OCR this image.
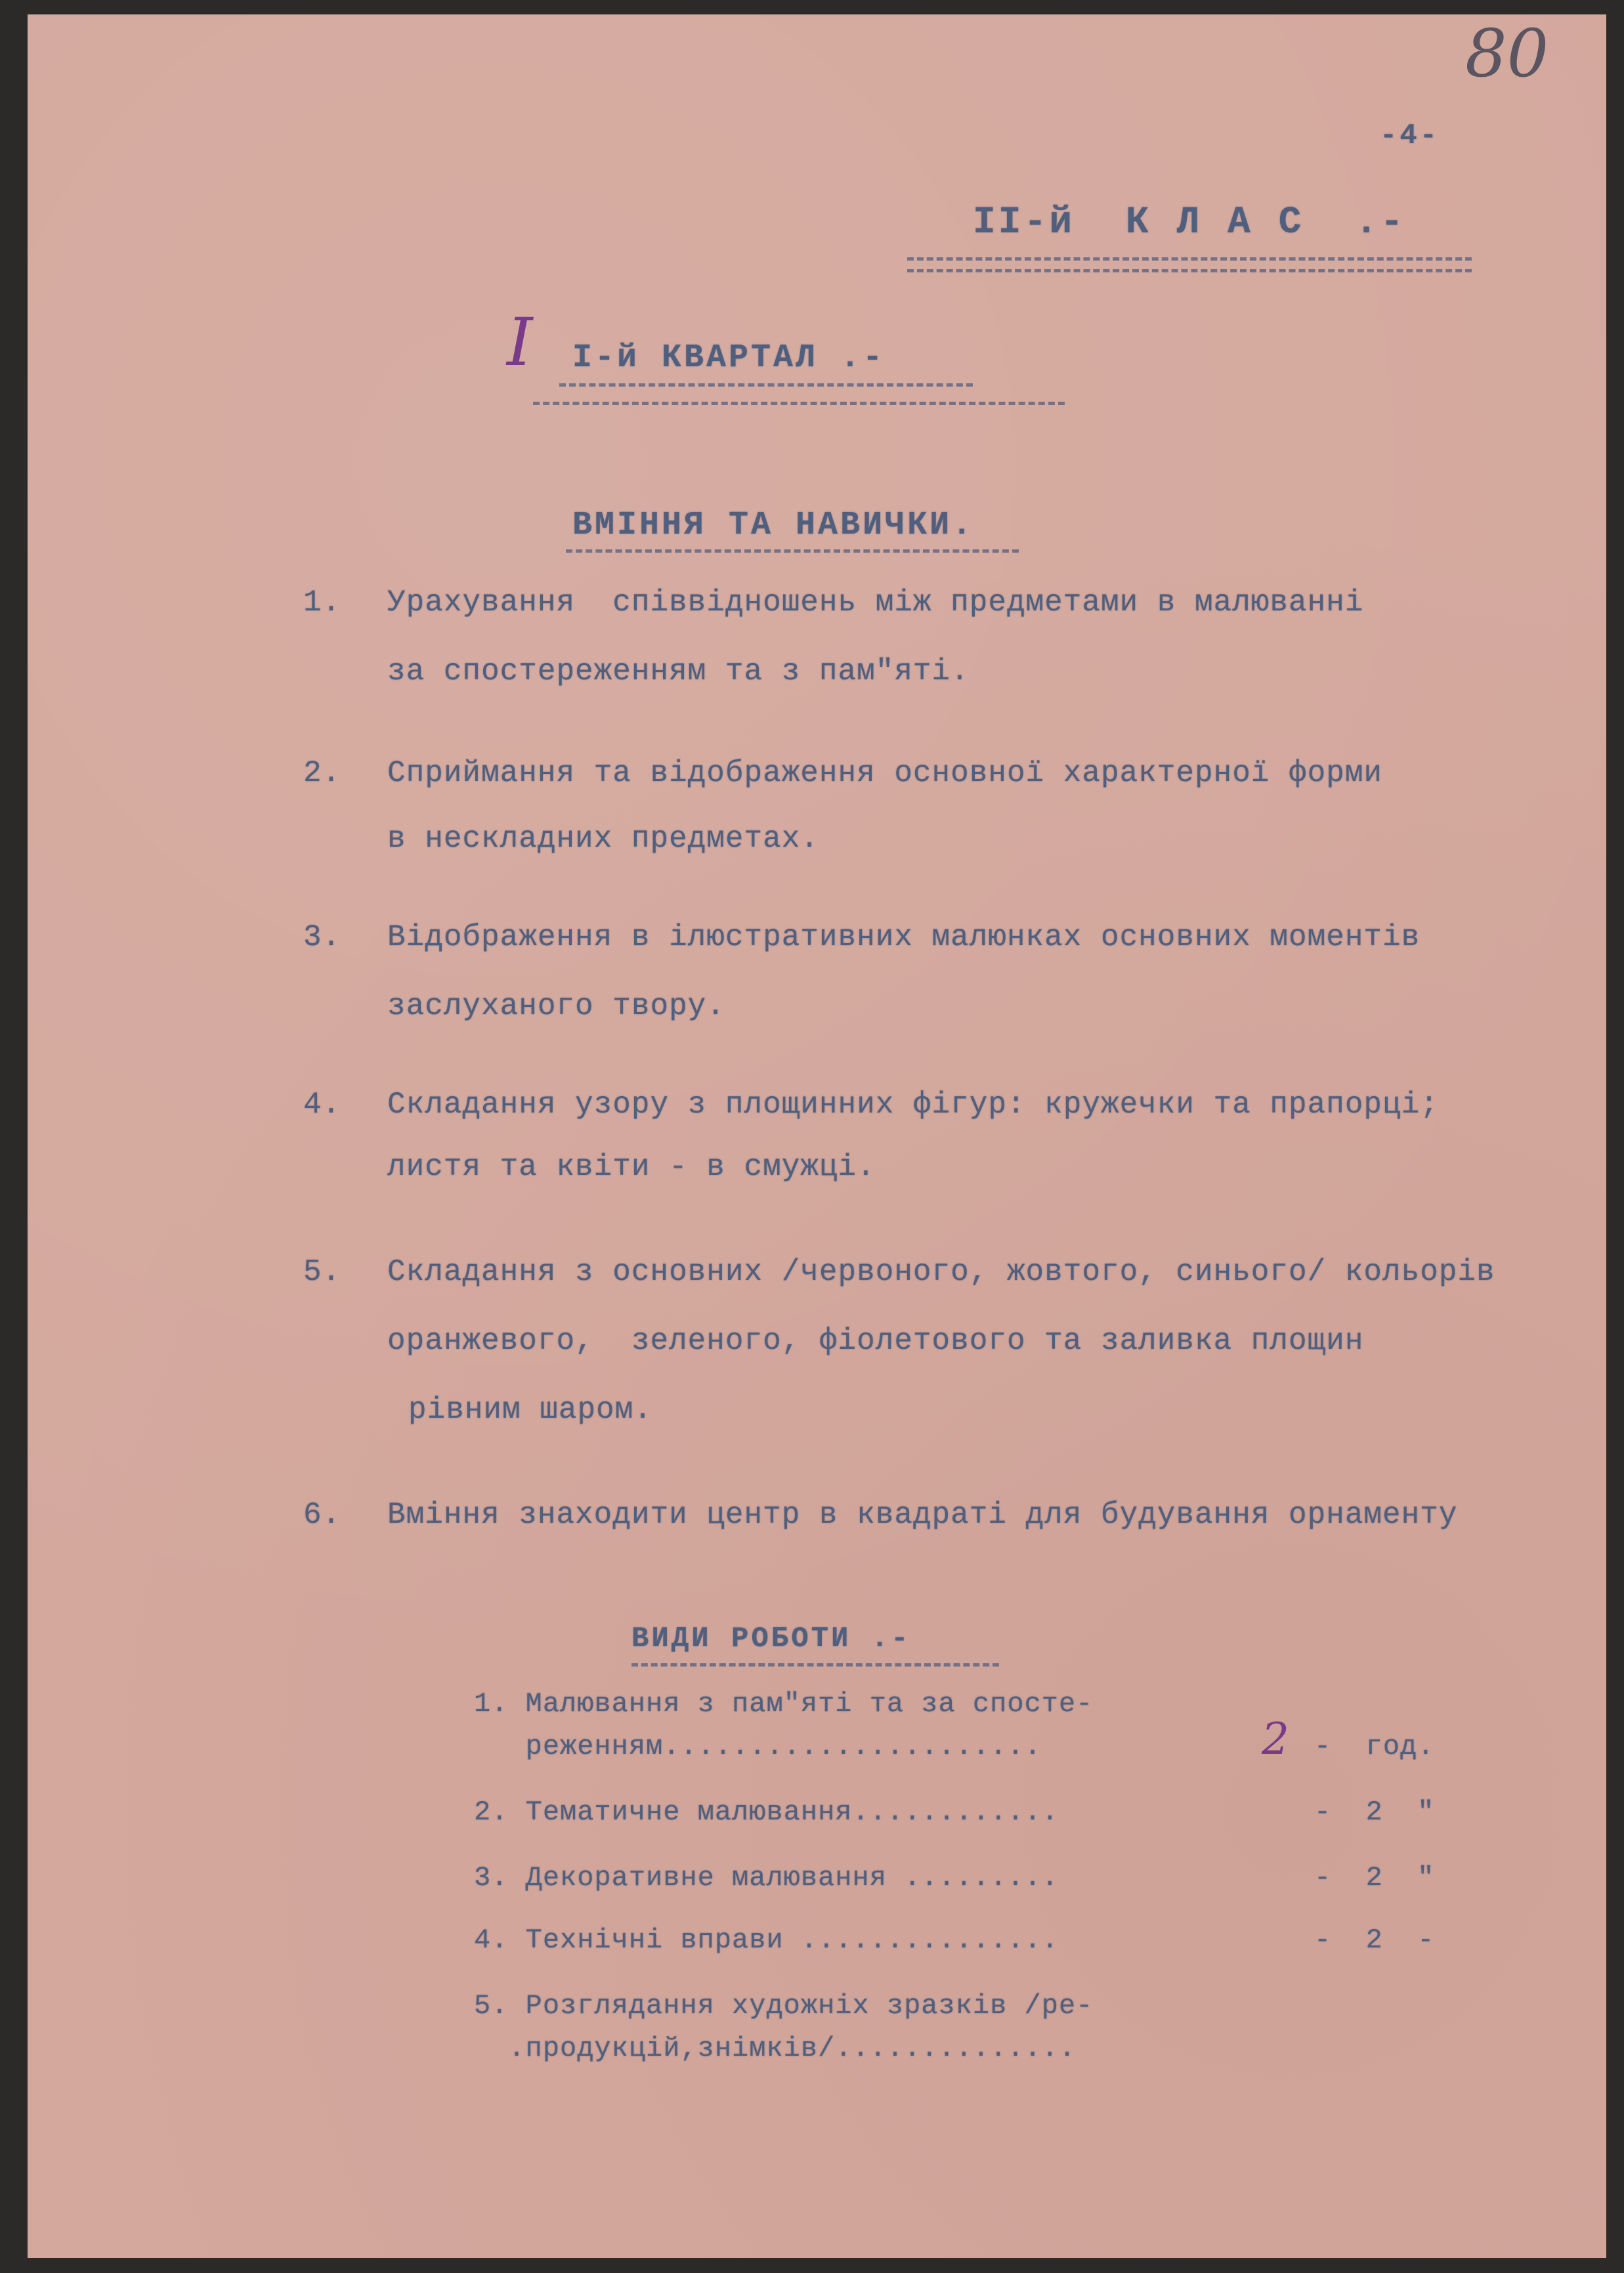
80
-4-
ІІ-й  К Л А С  .-
I І-й КВАРТАЛ .-
ВМІННЯ ТА НАВИЧКИ.
1. Урахування  співвідношень між предметами в малюванні
за спостереженням та з пам"яті.
2. Сприймання та відображення основної характерної форми
в нескладних предметах.
3. Відображення в ілюстративних малюнках основних моментів
заслуханого твору.
4. Складання узору з площинних фігур: кружечки та прапорці;
листя та квіти - в смужці.
5. Складання з основних /червоного, жовтого, синього/ кольорів
оранжевого,  зеленого, фіолетового та заливка площин
рівним шаром.
6. Вміння знаходити центр в квадраті для будування орнаменту
ВИДИ РОБОТИ .-
1. Малювання з пам"яті та за спосте-
реженням......................	2 -  год.
2. Тематичне малювання............	-  2  "
3. Декоративне малювання .........	-  2  "
4. Технічні вправи ...............	-  2  -
5. Розглядання художніх зразків /ре-
.продукцій,знімків/..............
